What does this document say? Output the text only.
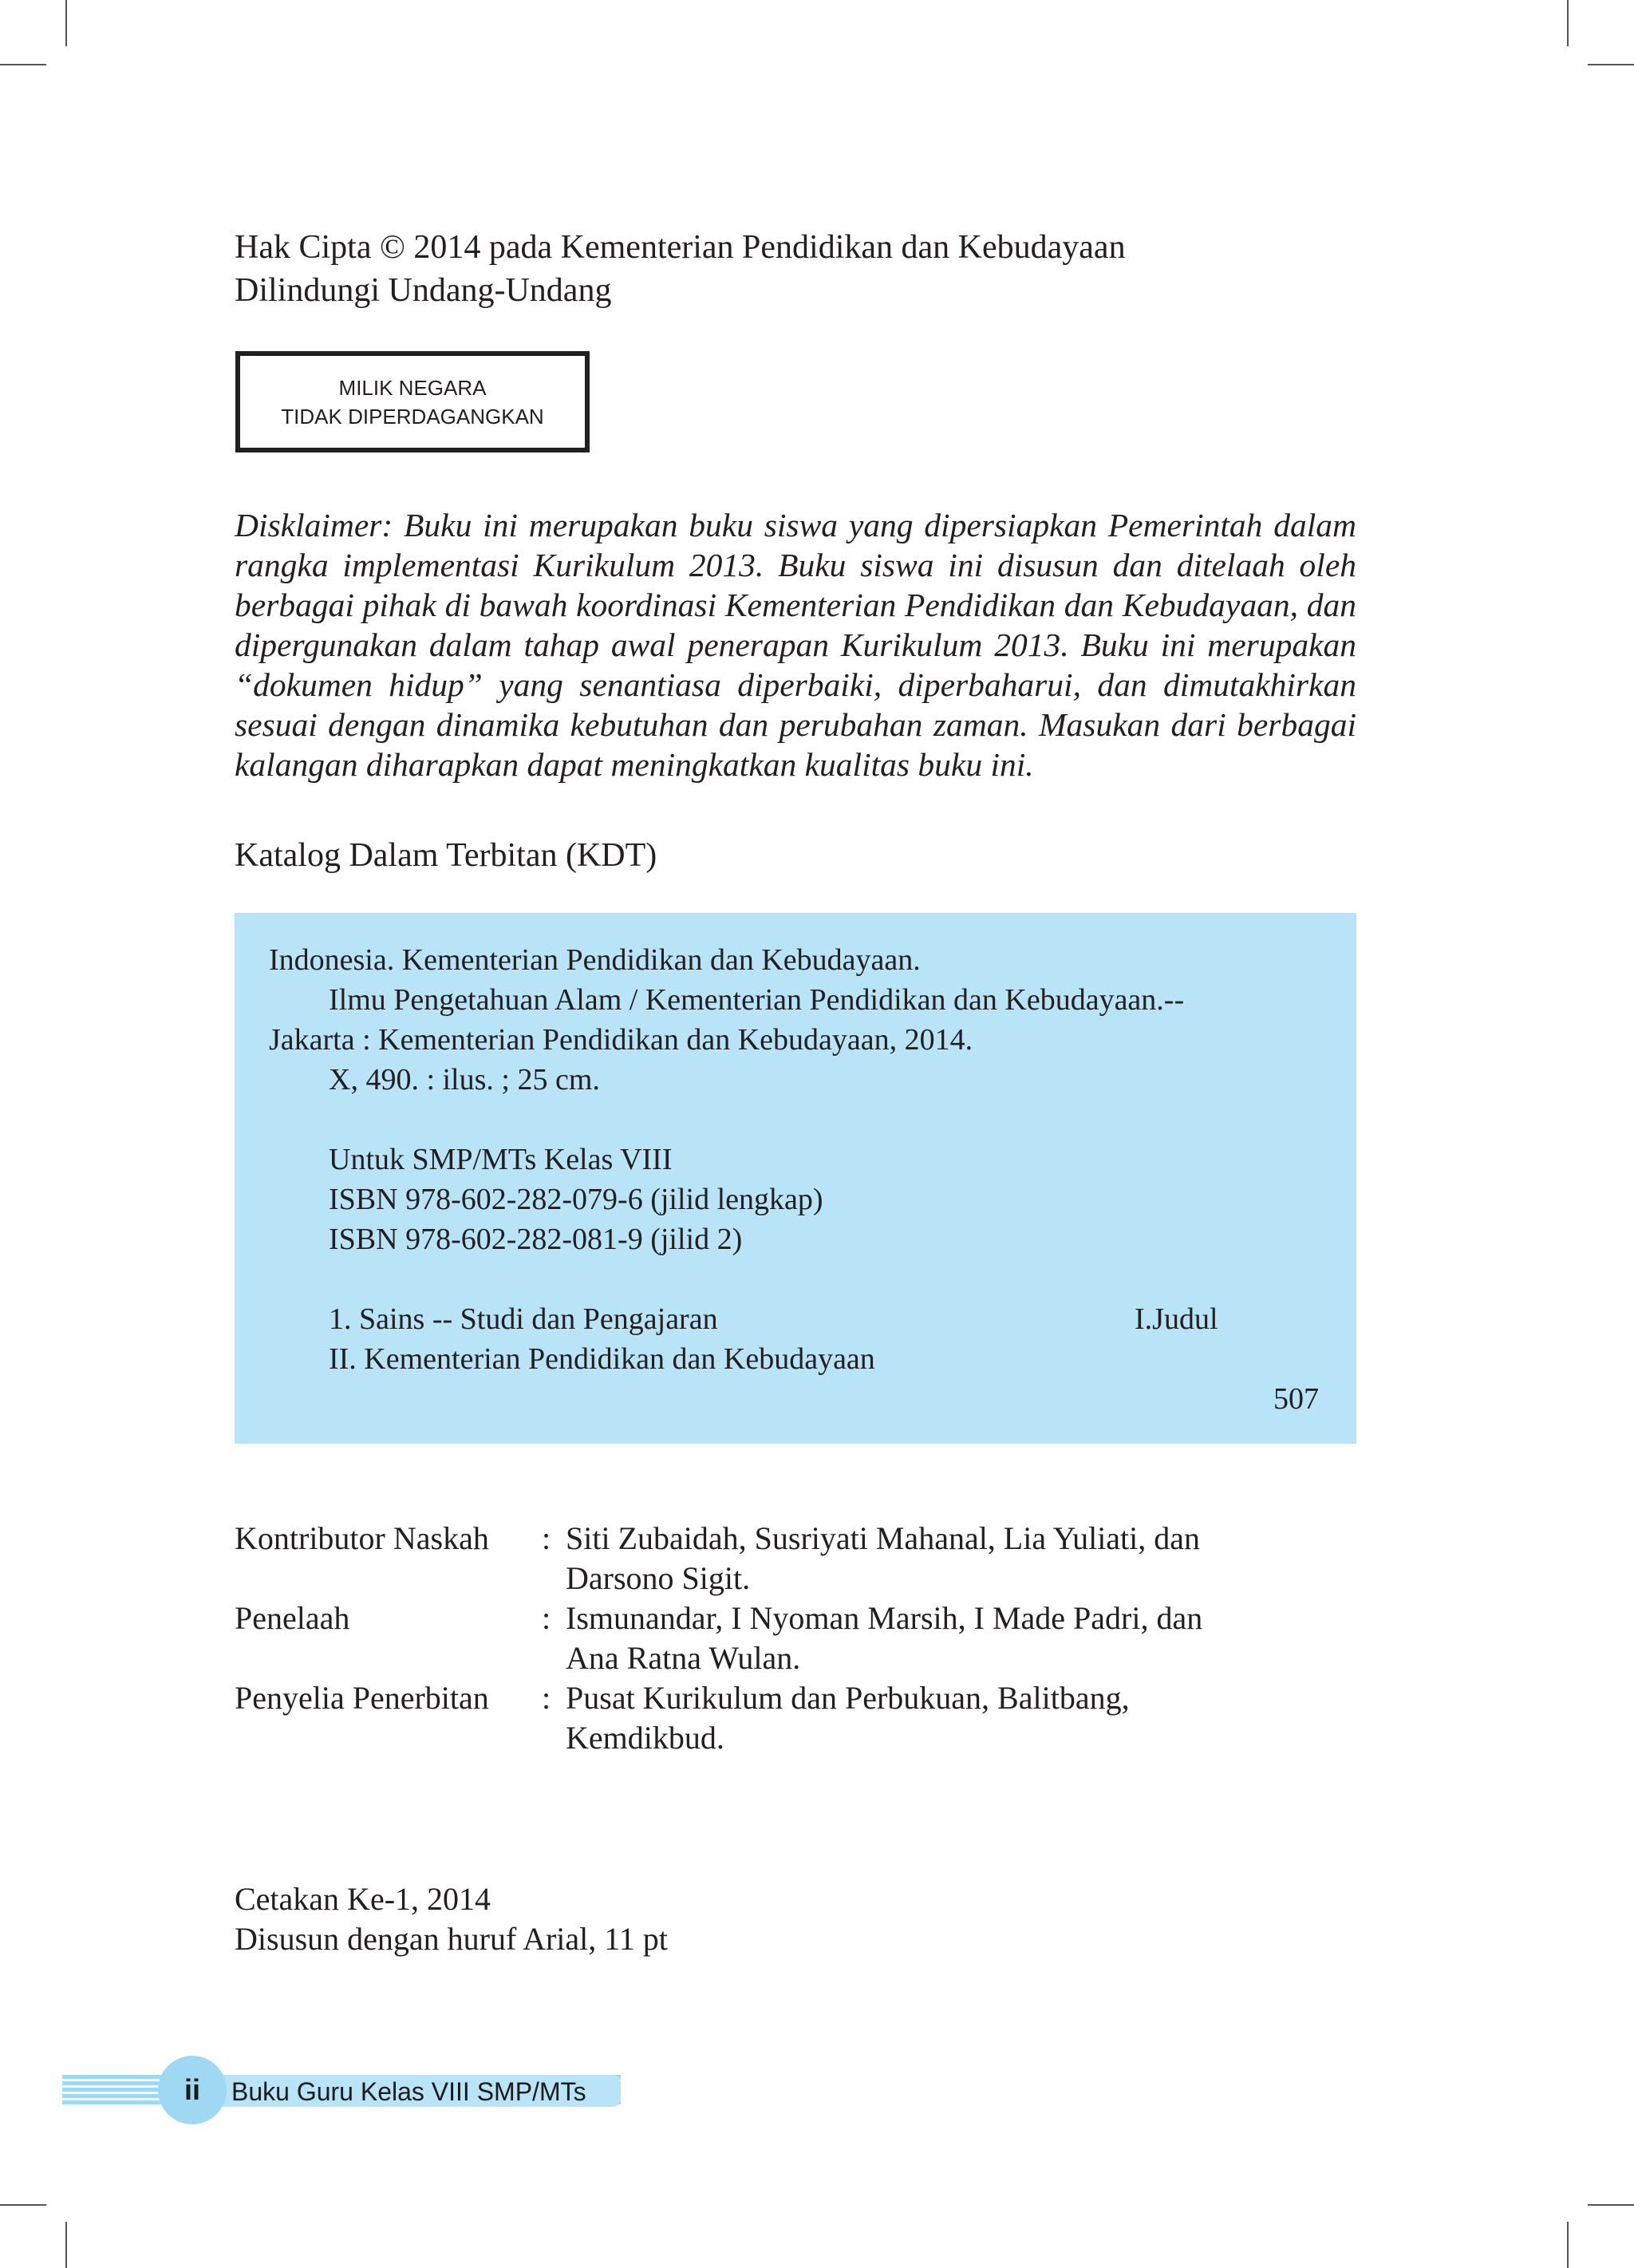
Hak Cipta © 2014 pada Kementerian Pendidikan dan Kebudayaan
Dilindungi Undang-Undang
MILIK NEGARA
TIDAK DIPERDAGANGKAN
Disklaimer: Buku ini merupakan buku siswa yang dipersiapkan Pemerintah dalam rangka implementasi Kurikulum 2013. Buku siswa ini disusun dan ditelaah oleh berbagai pihak di bawah koordinasi Kementerian Pendidikan dan Kebudayaan, dan dipergunakan dalam tahap awal penerapan Kurikulum 2013. Buku ini merupakan “dokumen hidup” yang senantiasa diperbaiki, diperbaharui, dan dimutakhirkan sesuai dengan dinamika kebutuhan dan perubahan zaman. Masukan dari berbagai kalangan diharapkan dapat meningkatkan kualitas buku ini.
Katalog Dalam Terbitan (KDT)
Indonesia. Kementerian Pendidikan dan Kebudayaan.
Ilmu Pengetahuan Alam / Kementerian Pendidikan dan Kebudayaan.--
Jakarta : Kementerian Pendidikan dan Kebudayaan, 2014.
X, 490. : ilus. ; 25 cm.
Untuk SMP/MTs Kelas VIII
ISBN 978-602-282-079-6 (jilid lengkap)
ISBN 978-602-282-081-9 (jilid 2)
1. Sains -- Studi dan Pengajaran	I.Judul
II. Kementerian Pendidikan dan Kebudayaan
507
Kontributor Naskah	: Siti Zubaidah, Susriyati Mahanal, Lia Yuliati, dan
Darsono Sigit.
Penelaah	: Ismunandar, I Nyoman Marsih, I Made Padri, dan
Ana Ratna Wulan.
Penyelia Penerbitan	: Pusat Kurikulum dan Perbukuan, Balitbang,
Kemdikbud.
Cetakan Ke-1, 2014
Disusun dengan huruf Arial, 11 pt
ii	Buku Guru Kelas VIII SMP/MTs
